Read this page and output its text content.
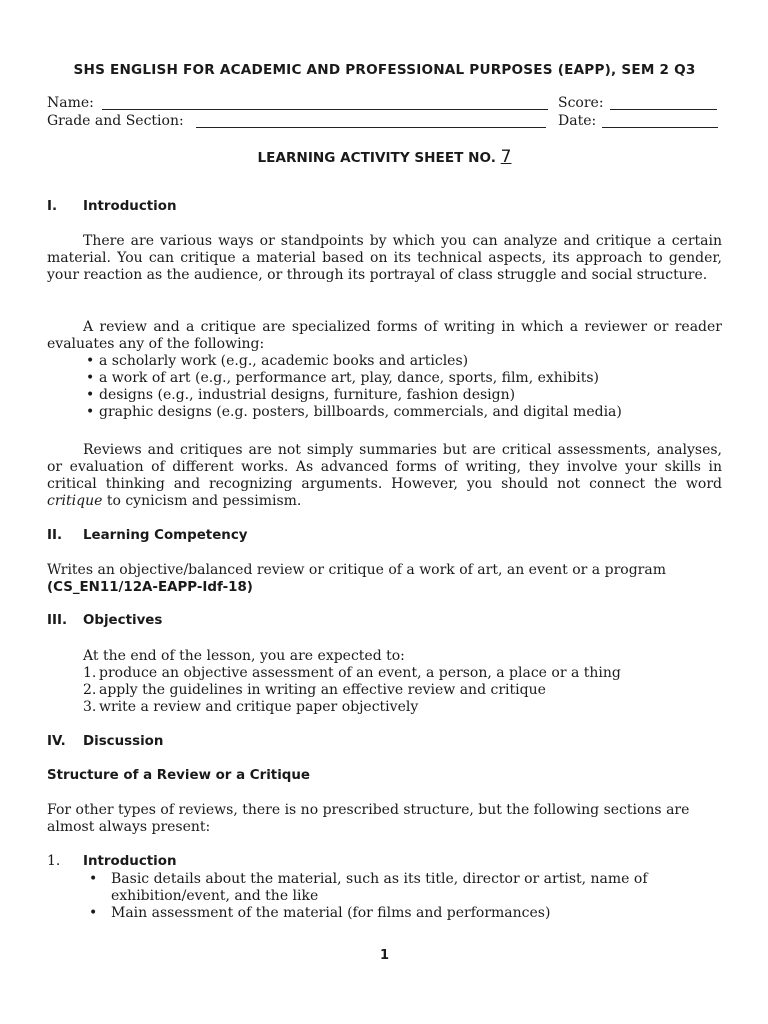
SHS ENGLISH FOR ACADEMIC AND PROFESSIONAL PURPOSES (EAPP), SEM 2 Q3
Name:	Score:
Grade and Section:	Date:
LEARNING ACTIVITY SHEET NO. 7
I. Introduction
There are various ways or standpoints by which you can analyze and critique a certain material. You can critique a material based on its technical aspects, its approach to gender, your reaction as the audience, or through its portrayal of class struggle and social structure.
A review and a critique are specialized forms of writing in which a reviewer or reader evaluates any of the following:
• a scholarly work (e.g., academic books and articles)
• a work of art (e.g., performance art, play, dance, sports, film, exhibits)
• designs (e.g., industrial designs, furniture, fashion design)
• graphic designs (e.g. posters, billboards, commercials, and digital media)
Reviews and critiques are not simply summaries but are critical assessments, analyses, or evaluation of different works. As advanced forms of writing, they involve your skills in critical thinking and recognizing arguments. However, you should not connect the word critique to cynicism and pessimism.
II. Learning Competency
Writes an objective/balanced review or critique of a work of art, an event or a program
(CS_EN11/12A-EAPP-Idf-18)
III. Objectives
At the end of the lesson, you are expected to:
1. produce an objective assessment of an event, a person, a place or a thing
2. apply the guidelines in writing an effective review and critique
3. write a review and critique paper objectively
IV. Discussion
Structure of a Review or a Critique
For other types of reviews, there is no prescribed structure, but the following sections are almost always present:
1. Introduction
• Basic details about the material, such as its title, director or artist, name of exhibition/event, and the like
• Main assessment of the material (for films and performances)
1
